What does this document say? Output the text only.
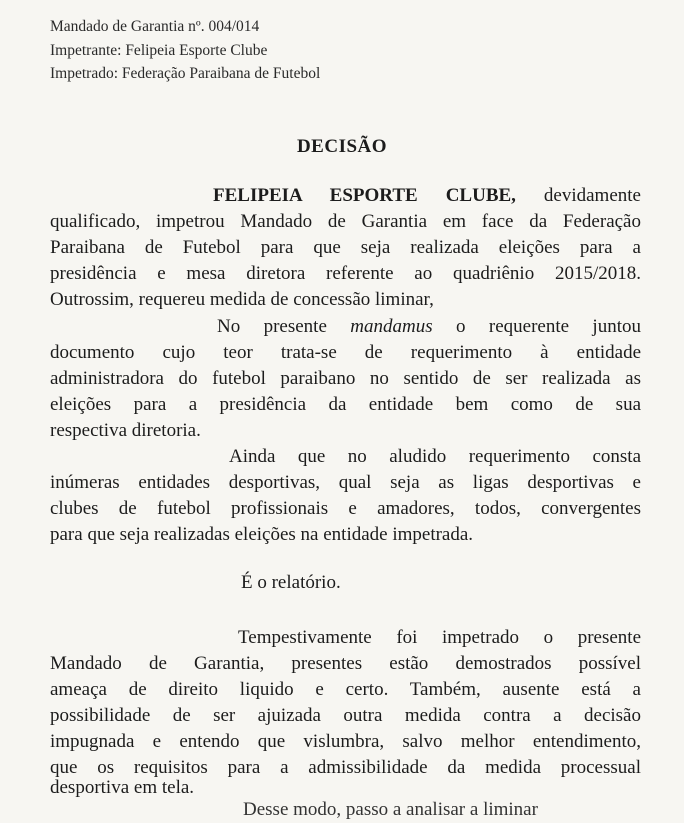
Mandado de Garantia nº. 004/014
Impetrante: Felipeia Esporte Clube
Impetrado: Federação Paraibana de Futebol
DECISÃO
FELIPEIA ESPORTE CLUBE, devidamente
qualificado, impetrou Mandado de Garantia em face da Federação
Paraibana de Futebol para que seja realizada eleições para a
presidência e mesa diretora referente ao quadriênio 2015/2018.
Outrossim, requereu medida de concessão liminar,
No presente mandamus o requerente juntou
documento cujo teor trata-se de requerimento à entidade
administradora do futebol paraibano no sentido de ser realizada as
eleições para a presidência da entidade bem como de sua
respectiva diretoria.
Ainda que no aludido requerimento consta
inúmeras entidades desportivas, qual seja as ligas desportivas e
clubes de futebol profissionais e amadores, todos, convergentes
para que seja realizadas eleições na entidade impetrada.
É o relatório.
Tempestivamente foi impetrado o presente
Mandado de Garantia, presentes estão demostrados possível
ameaça de direito liquido e certo. Também, ausente está a
possibilidade de ser ajuizada outra medida contra a decisão
impugnada e entendo que vislumbra, salvo melhor entendimento,
que os requisitos para a admissibilidade da medida processual
desportiva em tela.
Desse modo, passo a analisar a liminar
